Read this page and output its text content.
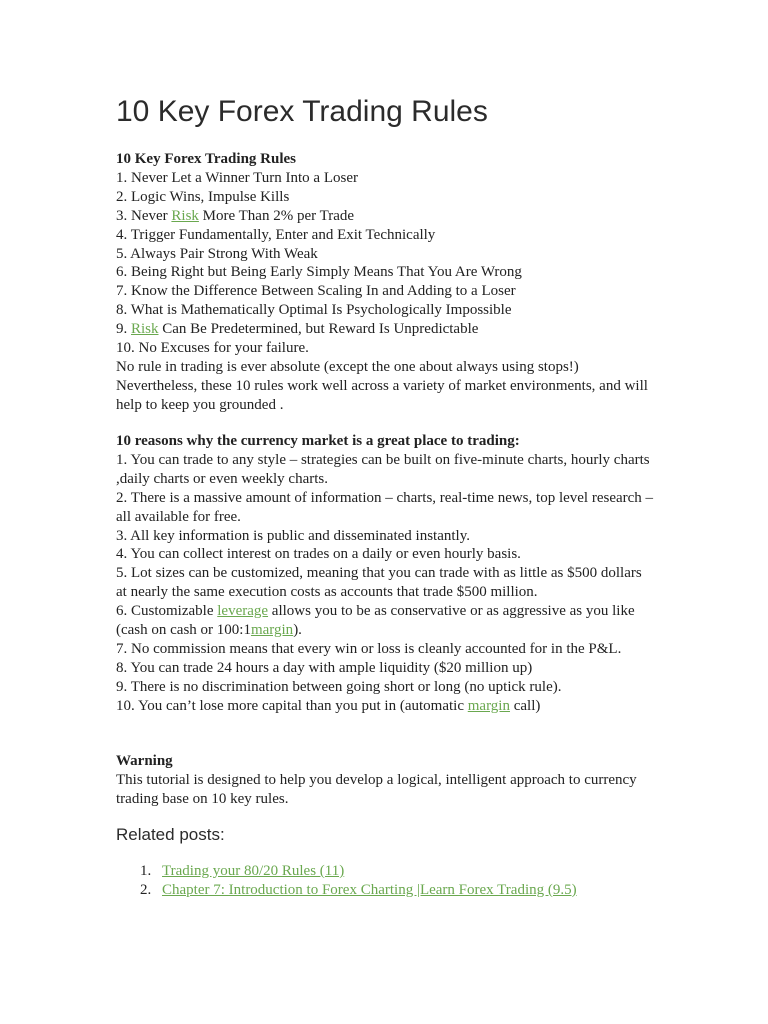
10 Key Forex Trading Rules

10 Key Forex Trading Rules

1. Never Let a Winner Turn Into a Loser

2. Logic Wins, Impulse Kills

3. Never Risk More Than 2% per Trade

4. Trigger Fundamentally, Enter and Exit Technically

5. Always Pair Strong With Weak

6. Being Right but Being Early Simply Means That You Are Wrong

7. Know the Difference Between Scaling In and Adding to a Loser

8. What is Mathematically Optimal Is Psychologically Impossible

9. Risk Can Be Predetermined, but Reward Is Unpredictable

10. No Excuses for your failure.

No rule in trading is ever absolute (except the one about always using stops!)

Nevertheless, these 10 rules work well across a variety of market environments, and will help to keep you grounded .

10 reasons why the currency market is a great place to trading:

1. You can trade to any style – strategies can be built on five-minute charts, hourly charts ,daily charts or even weekly charts.

2. There is a massive amount of information – charts, real-time news, top level research – all available for free.

3. All key information is public and disseminated instantly.

4. You can collect interest on trades on a daily or even hourly basis.

5. Lot sizes can be customized, meaning that you can trade with as little as $500 dollars at nearly the same execution costs as accounts that trade $500 million.

6. Customizable leverage allows you to be as conservative or as aggressive as you like (cash on cash or 100:1margin).

7. No commission means that every win or loss is cleanly accounted for in the P&L.

8. You can trade 24 hours a day with ample liquidity ($20 million up)

9. There is no discrimination between going short or long (no uptick rule).

10. You can’t lose more capital than you put in (automatic margin call)

Warning

This tutorial is designed to help you develop a logical, intelligent approach to currency trading base on 10 key rules.

Related posts:
1. Trading your 80/20 Rules (11)
2. Chapter 7: Introduction to Forex Charting |Learn Forex Trading (9.5)
